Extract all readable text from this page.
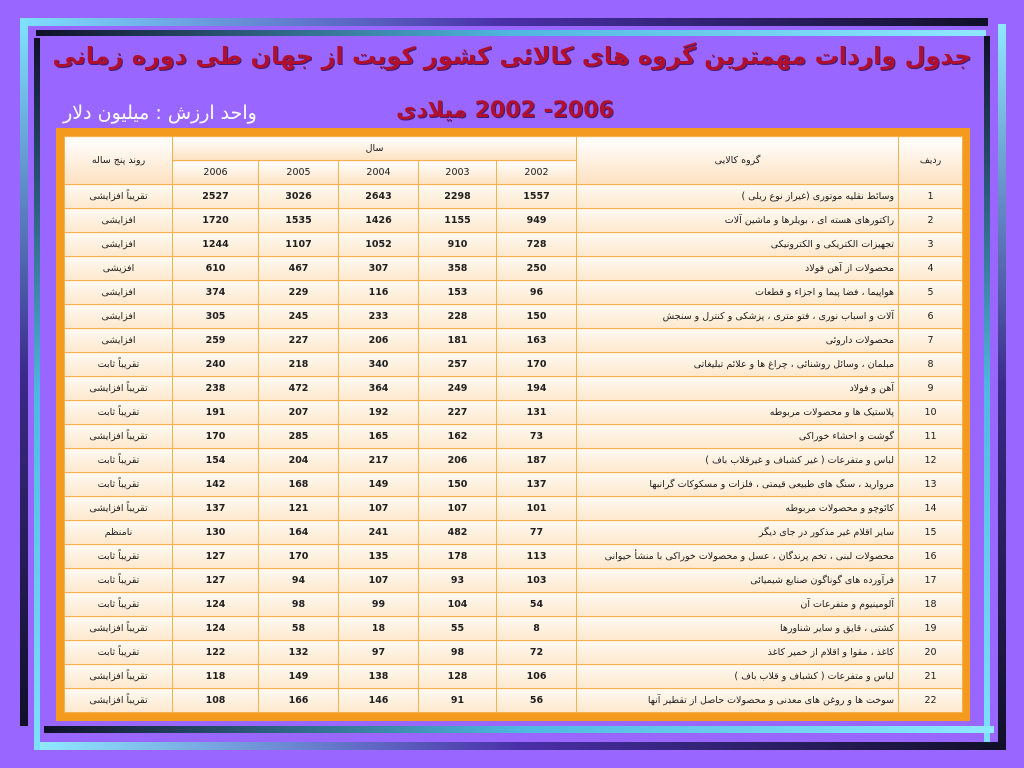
جدول واردات مهمترین گروه های کالائی کشور کویت از جهان طی دوره زمانی
2006- 2002 میلادی
واحد ارزش : میلیون دلار
روند پنج ساله	سال					گروه کالایی	ردیف
	2006	2005	2004	2003	2002		
تقریباً افزایشی	2527	3026	2643	2298	1557	وسائط نقلیه موتوری (غیراز نوع ریلی )	1
افزایشی	1720	1535	1426	1155	949	راکتورهای هسته ای ، بویلرها و ماشین آلات	2
افزایشی	1244	1107	1052	910	728	تجهیزات الکتریکی و الکترونیکی	3
افزیشی	610	467	307	358	250	محصولات از آهن فولاد	4
افزایشی	374	229	116	153	96	هواپیما ، فضا پیما و اجزاء و قطعات	5
افزایشی	305	245	233	228	150	آلات و اسباب نوری ، فتو متری ، پزشکی و کنترل و سنجش	6
افزایشی	259	227	206	181	163	محصولات داروئی	7
تقریباً ثابت	240	218	340	257	170	مبلمان ، وسائل روشنائی ، چراغ ها و علائم تبلیغاتی	8
تقریباً افزایشی	238	472	364	249	194	آهن و فولاد	9
تقریباً ثابت	191	207	192	227	131	پلاستیک ها و محصولات مربوطه	10
تقریباً افزایشی	170	285	165	162	73	گوشت و احشاء خوراکی	11
تقریباً ثابت	154	204	217	206	187	لباس و متفرعات ( غیر کشباف و غیرقلاب باف )	12
تقریباً ثابت	142	168	149	150	137	مروارید ، سنگ های طبیعی قیمتی ، فلزات و مسکوکات گرانبها	13
تقریباً افزایشی	137	121	107	107	101	کائوچو و محصولات مربوطه	14
نامنظم	130	164	241	482	77	سایر اقلام غیر مذکور در جای دیگر	15
تقریباً ثابت	127	170	135	178	113	محصولات لبنی ، تخم پرندگان ، عسل و محصولات خوراکی با منشأ حیوانی	16
تقریباً ثابت	127	94	107	93	103	فرآورده های گوناگون صنایع شیمیائی	17
تقریباً ثابت	124	98	99	104	54	آلومینیوم و متفرعات آن	18
تقریباً افزایشی	124	58	18	55	8	کشتی ، قایق و سایر شناورها	19
تقریباً ثابت	122	132	97	98	72	کاغذ ، مقوا و اقلام از خمیر کاغذ	20
تقریباً افزایشی	118	149	138	128	106	لباس و متفرعات ( کشباف و قلاب باف )	21
تقریباً افزایشی	108	166	146	91	56	سوخت ها و روغن های معدنی و محصولات حاصل از تقطیر آنها	22
